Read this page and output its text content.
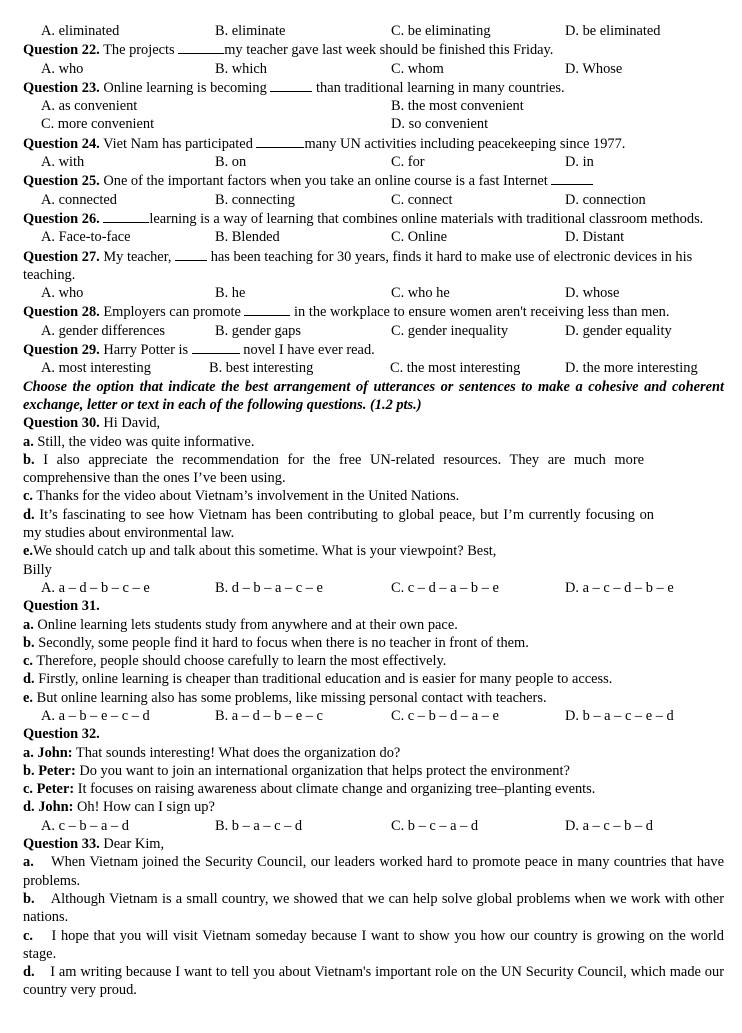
A. eliminated	B. eliminate	C. be eliminating	D. be eliminated
Question 22. The projects	my teacher gave last week should be finished this Friday.
A. who	B. which	C. whom	D. Whose
Question 23. Online learning is becoming	than traditional learning in many countries.
A. as convenient	B. the most convenient
C. more convenient	D. so convenient
Question 24. Viet Nam has participated	many UN activities including peacekeeping since 1977.
A. with	B. on	C. for	D. in
Question 25. One of the important factors when you take an online course is a fast Internet
A. connected	B. connecting	C. connect	D. connection
Question 26.	learning is a way of learning that combines online materials with traditional classroom methods.
A. Face-to-face	B. Blended	C. Online	D. Distant
Question 27. My teacher,  has been teaching for 30 years, finds it hard to make use of electronic devices in his teaching.
A. who	B. he	C. who he	D. whose
Question 28. Employers can promote	in the workplace to ensure women aren't receiving less than men.
A. gender differences	B. gender gaps	C. gender inequality	D. gender equality
Question 29. Harry Potter is	novel I have ever read.
A. most interesting	B. best interesting	C. the most interesting	D. the more interesting
Choose the option that indicate the best arrangement of utterances or sentences to make a cohesive and coherent exchange, letter or text in each of the following questions. (1.2 pts.)
Question 30. Hi David,
a. Still, the video was quite informative.
b. I also appreciate the recommendation for the free UN-related resources. They are much more comprehensive than the ones I’ve been using.
c. Thanks for the video about Vietnam’s involvement in the United Nations.
d. It’s fascinating to see how Vietnam has been contributing to global peace, but I’m currently focusing on my studies about environmental law.
e.We should catch up and talk about this sometime. What is your viewpoint? Best,
Billy
A. a – d – b – c – e	B. d – b – a – c – e	C. c – d – a – b – e	D. a – c – d – b – e
Question 31.
a. Online learning lets students study from anywhere and at their own pace.
b. Secondly, some people find it hard to focus when there is no teacher in front of them.
c. Therefore, people should choose carefully to learn the most effectively.
d. Firstly, online learning is cheaper than traditional education and is easier for many people to access.
e. But online learning also has some problems, like missing personal contact with teachers.
A. a – b – e – c – d	B. a – d – b – e – c	C. c – b – d – a – e	D. b – a – c – e – d
Question 32.
a. John: That sounds interesting! What does the organization do?
b. Peter: Do you want to join an international organization that helps protect the environment?
c. Peter: It focuses on raising awareness about climate change and organizing tree–planting events.
d. John: Oh! How can I sign up?
A. c – b – a – d	B. b – a – c – d	C. b – c – a – d	D. a – c – b – d
Question 33. Dear Kim,
a.    When Vietnam joined the Security Council, our leaders worked hard to promote peace in many countries that have problems.
b.    Although Vietnam is a small country, we showed that we can help solve global problems when we work with other nations.
c.    I hope that you will visit Vietnam someday because I want to show you how our country is growing on the world stage.
d.    I am writing because I want to tell you about Vietnam's important role on the UN Security Council, which made our country very proud.
